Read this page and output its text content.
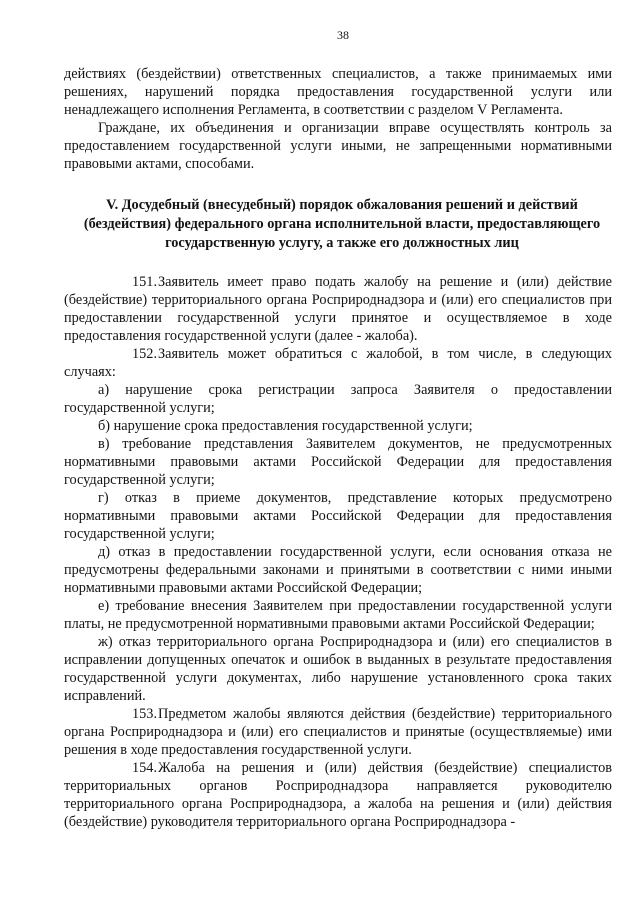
38

действиях (бездействии) ответственных специалистов, а также принимаемых ими решениях, нарушений порядка предоставления государственной услуги или ненадлежащего исполнения Регламента, в соответствии с разделом V Регламента.

Граждане, их объединения и организации вправе осуществлять контроль за предоставлением государственной услуги иными, не запрещенными нормативными правовыми актами, способами.

V. Досудебный (внесудебный) порядок обжалования решений и действий (бездействия) федерального органа исполнительной власти, предоставляющего государственную услугу, а также его должностных лиц

151.Заявитель имеет право подать жалобу на решение и (или) действие (бездействие) территориального органа Росприроднадзора и (или) его специалистов при предоставлении государственной услуги принятое и осуществляемое в ходе предоставления государственной услуги (далее - жалоба).

152.Заявитель может обратиться с жалобой, в том числе, в следующих случаях:

а) нарушение срока регистрации запроса Заявителя о предоставлении государственной услуги;

б) нарушение срока предоставления государственной услуги;

в) требование представления Заявителем документов, не предусмотренных нормативными правовыми актами Российской Федерации для предоставления государственной услуги;

г) отказ в приеме документов, представление которых предусмотрено нормативными правовыми актами Российской Федерации для предоставления государственной услуги;

д) отказ в предоставлении государственной услуги, если основания отказа не предусмотрены федеральными законами и принятыми в соответствии с ними иными нормативными правовыми актами Российской Федерации;

е) требование внесения Заявителем при предоставлении государственной услуги платы, не предусмотренной нормативными правовыми актами Российской Федерации;

ж) отказ территориального органа Росприроднадзора и (или) его специалистов в исправлении допущенных опечаток и ошибок в выданных в результате предоставления государственной услуги документах, либо нарушение установленного срока таких исправлений.

153.Предметом жалобы являются действия (бездействие) территориального органа Росприроднадзора и (или) его специалистов и принятые (осуществляемые) ими решения в ходе предоставления государственной услуги.

154.Жалоба на решения и (или) действия (бездействие) специалистов территориальных органов Росприроднадзора направляется руководителю территориального органа Росприроднадзора, а жалоба на решения и (или) действия (бездействие) руководителя территориального органа Росприроднадзора -
